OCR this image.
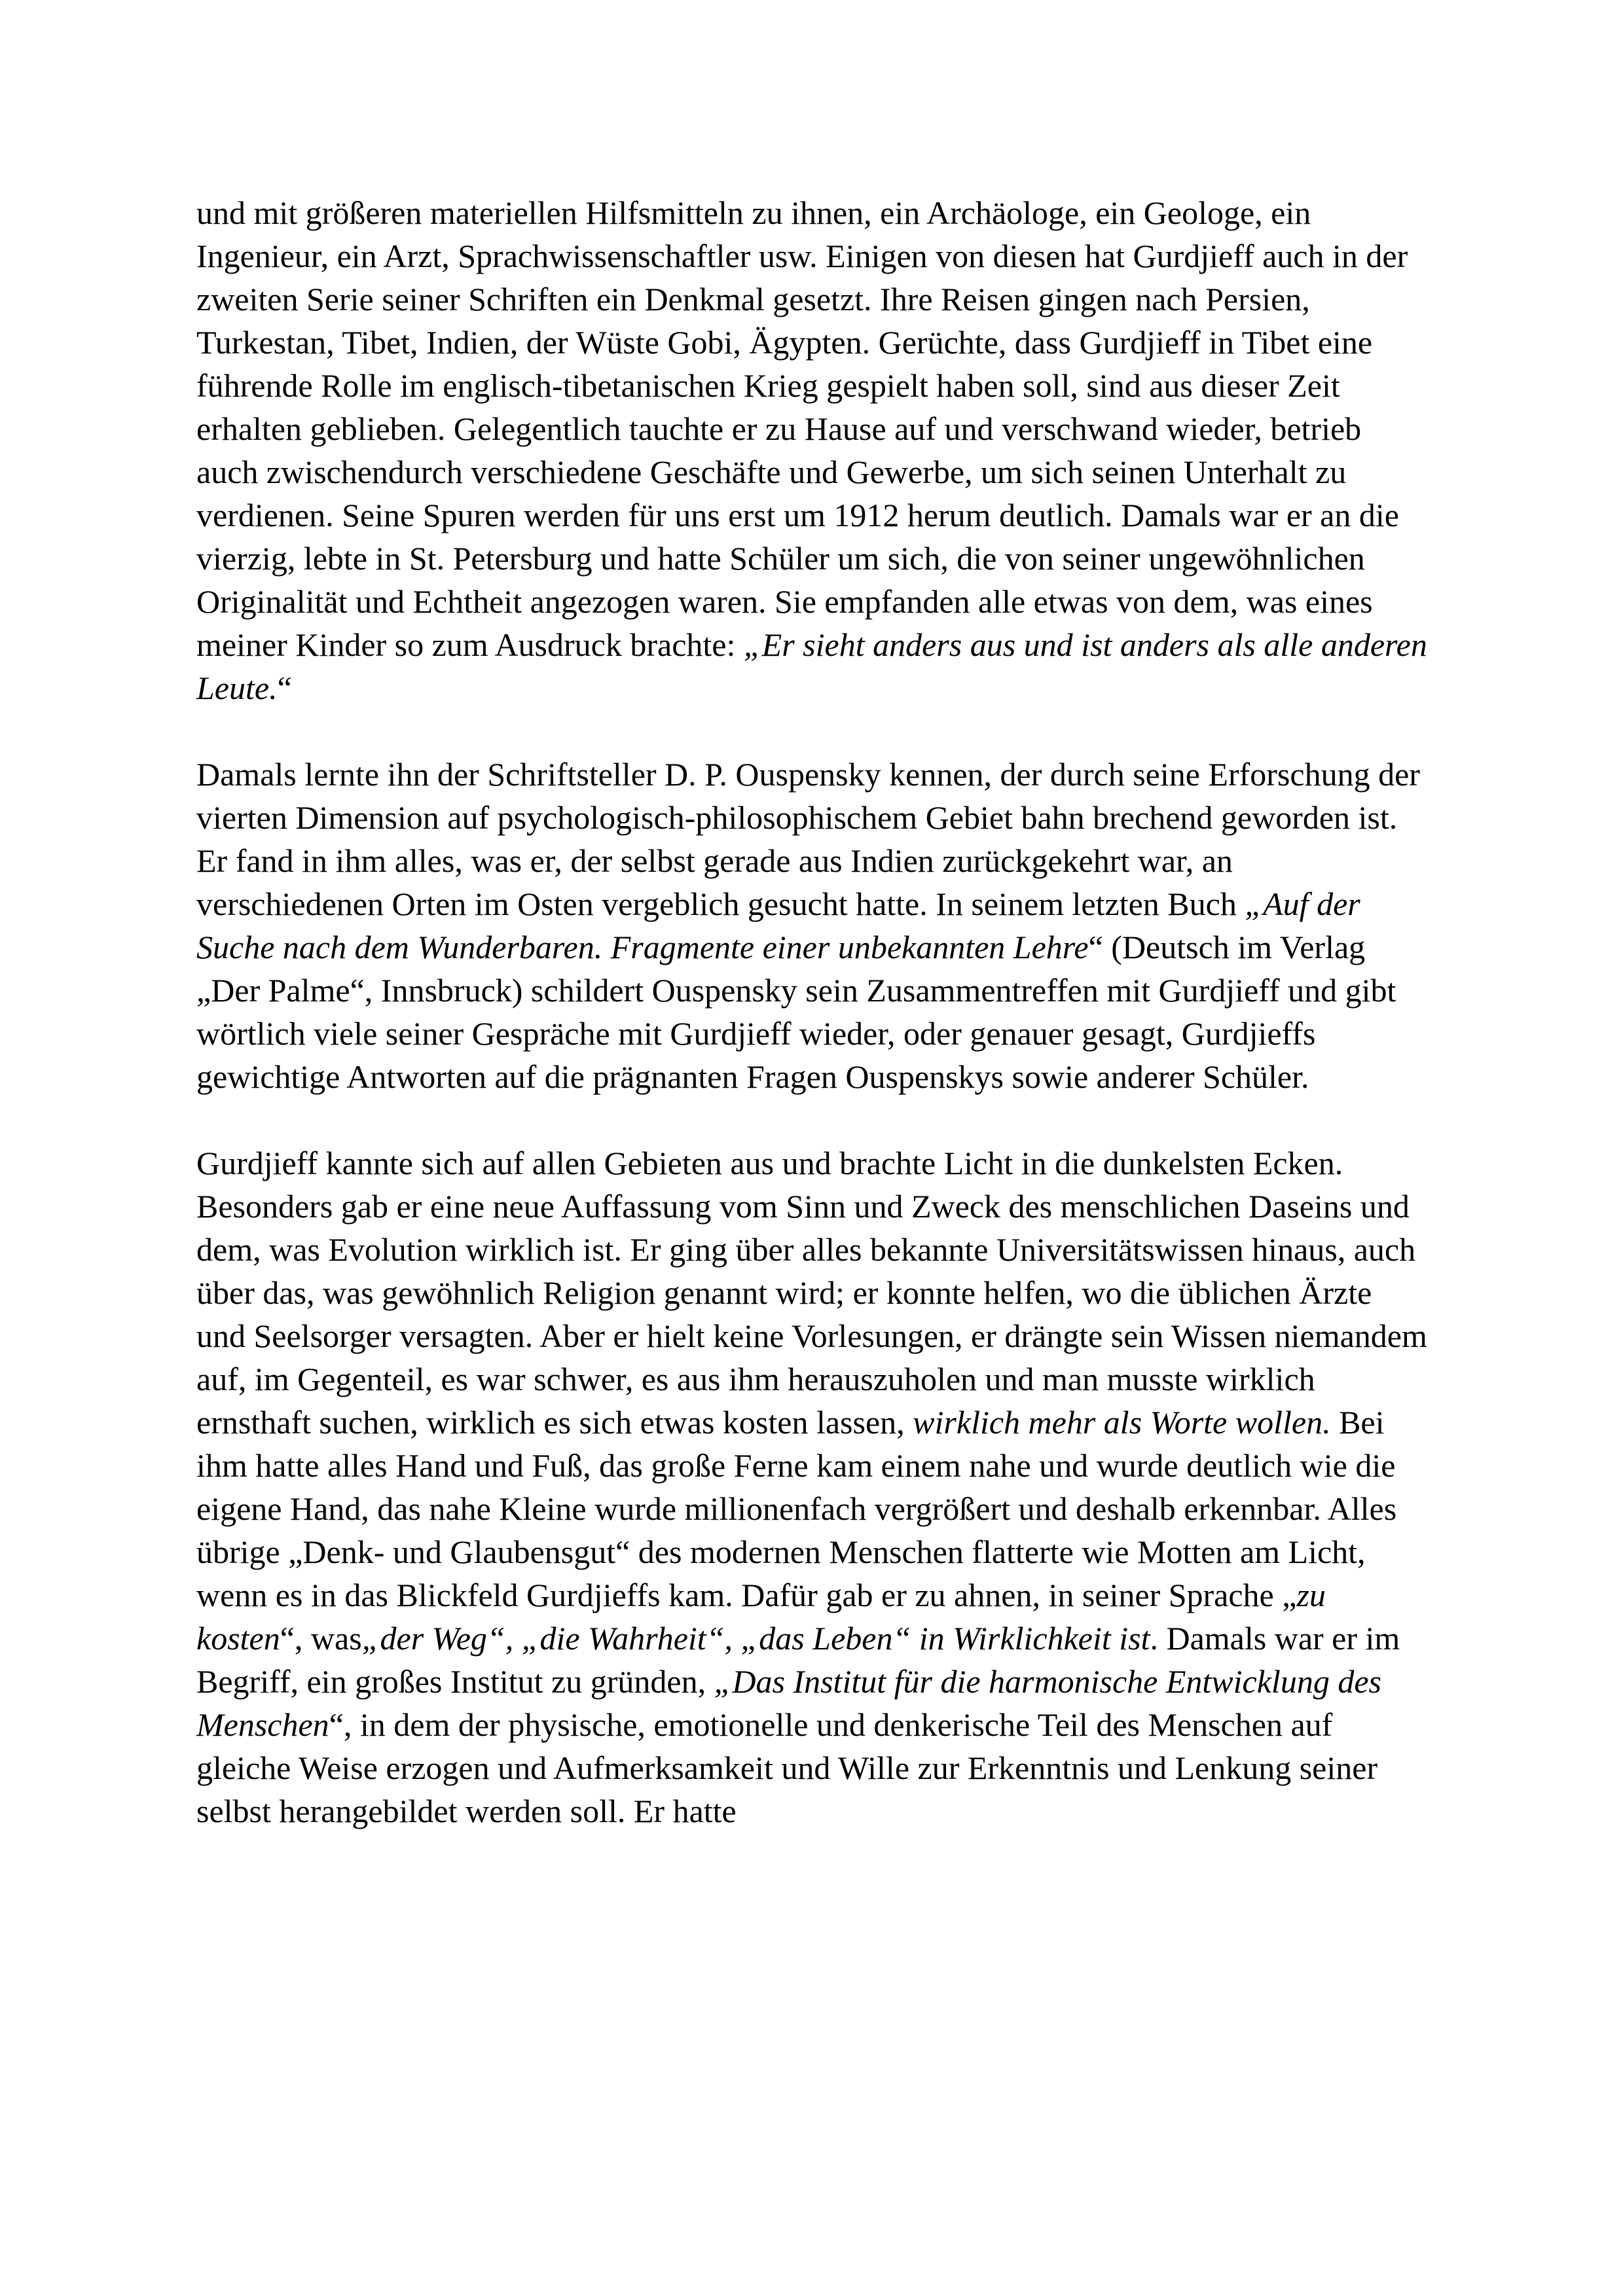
und mit größeren materiellen Hilfsmitteln zu ihnen, ein Archäologe, ein Geologe, ein Ingenieur, ein Arzt, Sprachwissenschaftler usw. Einigen von diesen hat Gurdjieff auch in der zweiten Serie seiner Schriften ein Denkmal gesetzt. Ihre Reisen gingen nach Persien, Turkestan, Tibet, Indien, der Wüste Gobi, Ägypten. Gerüchte, dass Gurdjieff in Tibet eine führende Rolle im englisch-tibetanischen Krieg gespielt haben soll, sind aus dieser Zeit erhalten geblieben. Gelegentlich tauchte er zu Hause auf und verschwand wieder, betrieb auch zwischendurch verschiedene Geschäfte und Gewerbe, um sich seinen Unterhalt zu verdienen. Seine Spuren werden für uns erst um 1912 herum deutlich. Damals war er an die vierzig, lebte in St. Petersburg und hatte Schüler um sich, die von seiner ungewöhnlichen Originalität und Echtheit angezogen waren. Sie empfanden alle etwas von dem, was eines meiner Kinder so zum Ausdruck brachte: „Er sieht anders aus und ist anders als alle anderen Leute.“

Damals lernte ihn der Schriftsteller D. P. Ouspensky kennen, der durch seine Erforschung der vierten Dimension auf psychologisch-philosophischem Gebiet bahn brechend geworden ist. Er fand in ihm alles, was er, der selbst gerade aus Indien zurückgekehrt war, an verschiedenen Orten im Osten vergeblich gesucht hatte. In seinem letzten Buch „Auf der Suche nach dem Wunderbaren. Fragmente einer unbekannten Lehre“ (Deutsch im Verlag „Der Palme“, Innsbruck) schildert Ouspensky sein Zusammentreffen mit Gurdjieff und gibt wörtlich viele seiner Gespräche mit Gurdjieff wieder, oder genauer gesagt, Gurdjieffs gewichtige Antworten auf die prägnanten Fragen Ouspenskys sowie anderer Schüler.

Gurdjieff kannte sich auf allen Gebieten aus und brachte Licht in die dunkelsten Ecken. Besonders gab er eine neue Auffassung vom Sinn und Zweck des menschlichen Daseins und dem, was Evolution wirklich ist. Er ging über alles bekannte Universitätswissen hinaus, auch über das, was gewöhnlich Religion genannt wird; er konnte helfen, wo die üblichen Ärzte und Seelsorger versagten. Aber er hielt keine Vorlesungen, er drängte sein Wissen niemandem auf, im Gegenteil, es war schwer, es aus ihm herauszuholen und man musste wirklich ernsthaft suchen, wirklich es sich etwas kosten lassen, wirklich mehr als Worte wollen. Bei ihm hatte alles Hand und Fuß, das große Ferne kam einem nahe und wurde deutlich wie die eigene Hand, das nahe Kleine wurde millionenfach vergrößert und deshalb erkennbar. Alles übrige „Denk- und Glaubensgut“ des modernen Menschen flatterte wie Motten am Licht, wenn es in das Blickfeld Gurdjieffs kam. Dafür gab er zu ahnen, in seiner Sprache „zu kosten“, was„der Weg“, „die Wahrheit“, „das Leben“ in Wirklichkeit ist. Damals war er im Begriff, ein großes Institut zu gründen, „Das Institut für die harmonische Entwicklung des Menschen“, in dem der physische, emotionelle und denkerische Teil des Menschen auf gleiche Weise erzogen und Aufmerksamkeit und Wille zur Erkenntnis und Lenkung seiner selbst herangebildet werden soll. Er hatte
